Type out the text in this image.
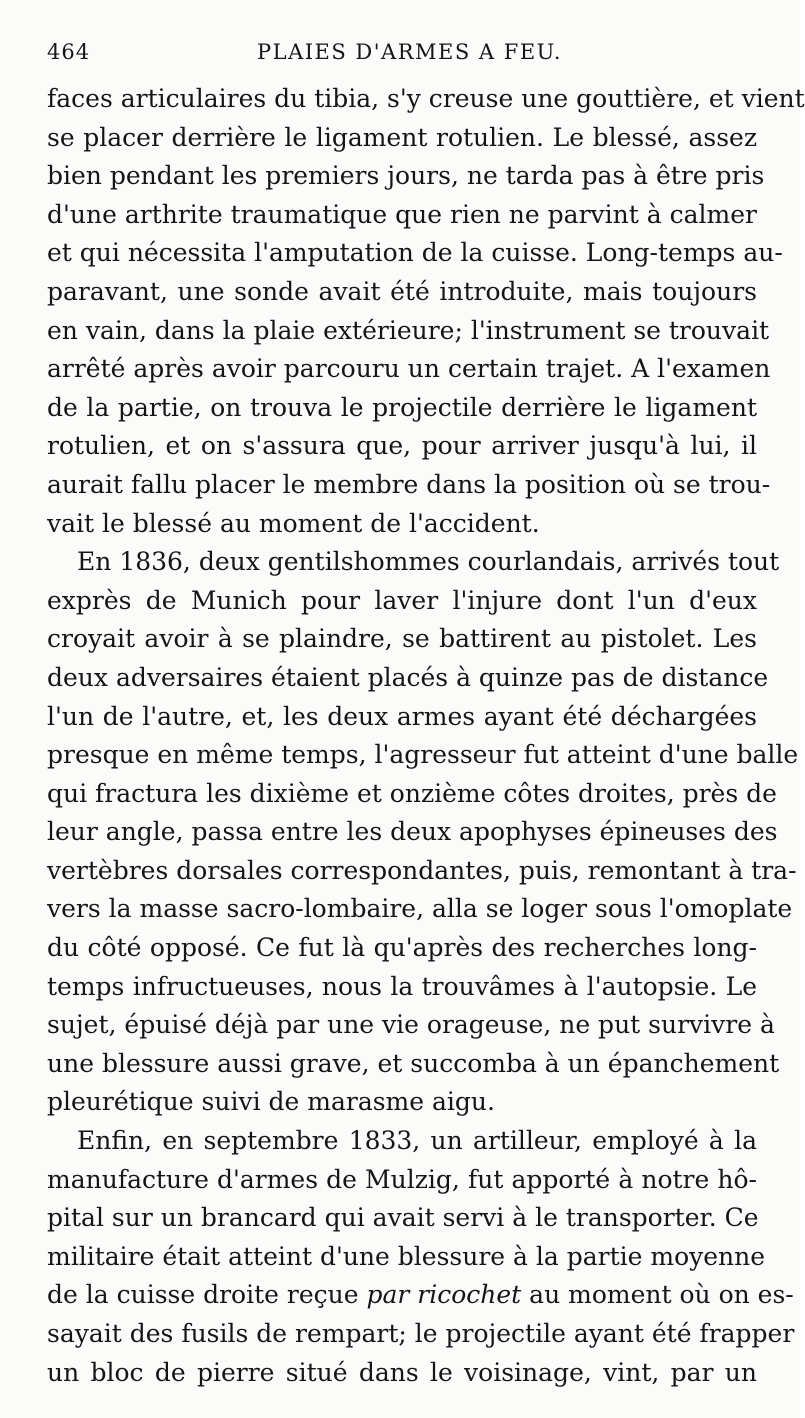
464	PLAIES D'ARMES A FEU.
faces articulaires du tibia, s'y creuse une gouttière, et vient
se placer derrière le ligament rotulien. Le blessé, assez
bien pendant les premiers jours, ne tarda pas à être pris
d'une arthrite traumatique que rien ne parvint à calmer
et qui nécessita l'amputation de la cuisse. Long-temps au-
paravant, une sonde avait été introduite, mais toujours
en vain, dans la plaie extérieure; l'instrument se trouvait
arrêté après avoir parcouru un certain trajet. A l'examen
de la partie, on trouva le projectile derrière le ligament
rotulien, et on s'assura que, pour arriver jusqu'à lui, il
aurait fallu placer le membre dans la position où se trou-
vait le blessé au moment de l'accident.
En 1836, deux gentilshommes courlandais, arrivés tout
exprès de Munich pour laver l'injure dont l'un d'eux
croyait avoir à se plaindre, se battirent au pistolet. Les
deux adversaires étaient placés à quinze pas de distance
l'un de l'autre, et, les deux armes ayant été déchargées
presque en même temps, l'agresseur fut atteint d'une balle
qui fractura les dixième et onzième côtes droites, près de
leur angle, passa entre les deux apophyses épineuses des
vertèbres dorsales correspondantes, puis, remontant à tra-
vers la masse sacro-lombaire, alla se loger sous l'omoplate
du côté opposé. Ce fut là qu'après des recherches long-
temps infructueuses, nous la trouvâmes à l'autopsie. Le
sujet, épuisé déjà par une vie orageuse, ne put survivre à
une blessure aussi grave, et succomba à un épanchement
pleurétique suivi de marasme aigu.
Enfin, en septembre 1833, un artilleur, employé à la
manufacture d'armes de Mulzig, fut apporté à notre hô-
pital sur un brancard qui avait servi à le transporter. Ce
militaire était atteint d'une blessure à la partie moyenne
de la cuisse droite reçue par ricochet au moment où on es-
sayait des fusils de rempart; le projectile ayant été frapper
un bloc de pierre situé dans le voisinage, vint, par un
